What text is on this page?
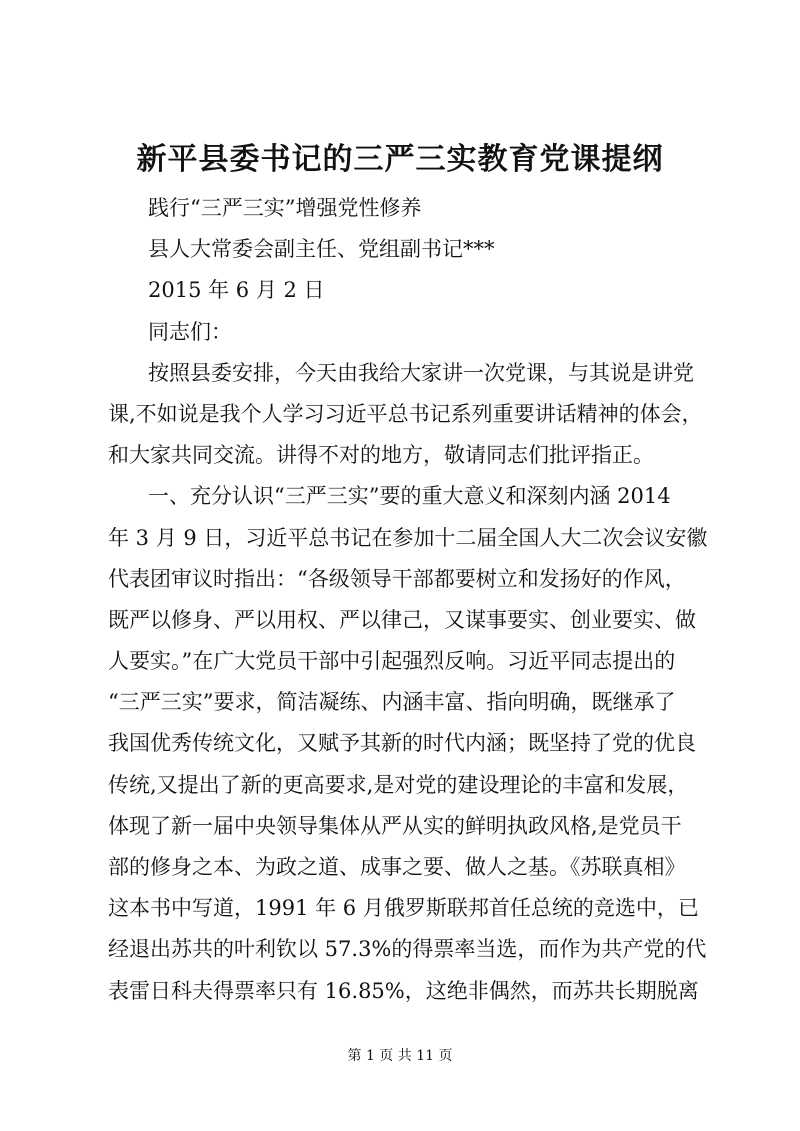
新平县委书记的三严三实教育党课提纲
践行“三严三实”增强党性修养
县人大常委会副主任、党组副书记***
2015 年 6 月 2 日
同志们：
按照县委安排，今天由我给大家讲一次党课，与其说是讲党
课,不如说是我个人学习习近平总书记系列重要讲话精神的体会，
和大家共同交流。讲得不对的地方，敬请同志们批评指正。
一、充分认识“三严三实”要的重大意义和深刻内涵 2014
年 3 月 9 日，习近平总书记在参加十二届全国人大二次会议安徽
代表团审议时指出：“各级领导干部都要树立和发扬好的作风，
既严以修身、严以用权、严以律己，又谋事要实、创业要实、做
人要实。”在广大党员干部中引起强烈反响。习近平同志提出的
“三严三实”要求，简洁凝练、内涵丰富、指向明确，既继承了
我国优秀传统文化，又赋予其新的时代内涵；既坚持了党的优良
传统,又提出了新的更高要求,是对党的建设理论的丰富和发展，
体现了新一届中央领导集体从严从实的鲜明执政风格,是党员干
部的修身之本、为政之道、成事之要、做人之基。《苏联真相》
这本书中写道，1991 年 6 月俄罗斯联邦首任总统的竞选中，已
经退出苏共的叶利钦以 57.3%的得票率当选，而作为共产党的代
表雷日科夫得票率只有 16.85%，这绝非偶然，而苏共长期脱离
第 1 页 共 11 页
